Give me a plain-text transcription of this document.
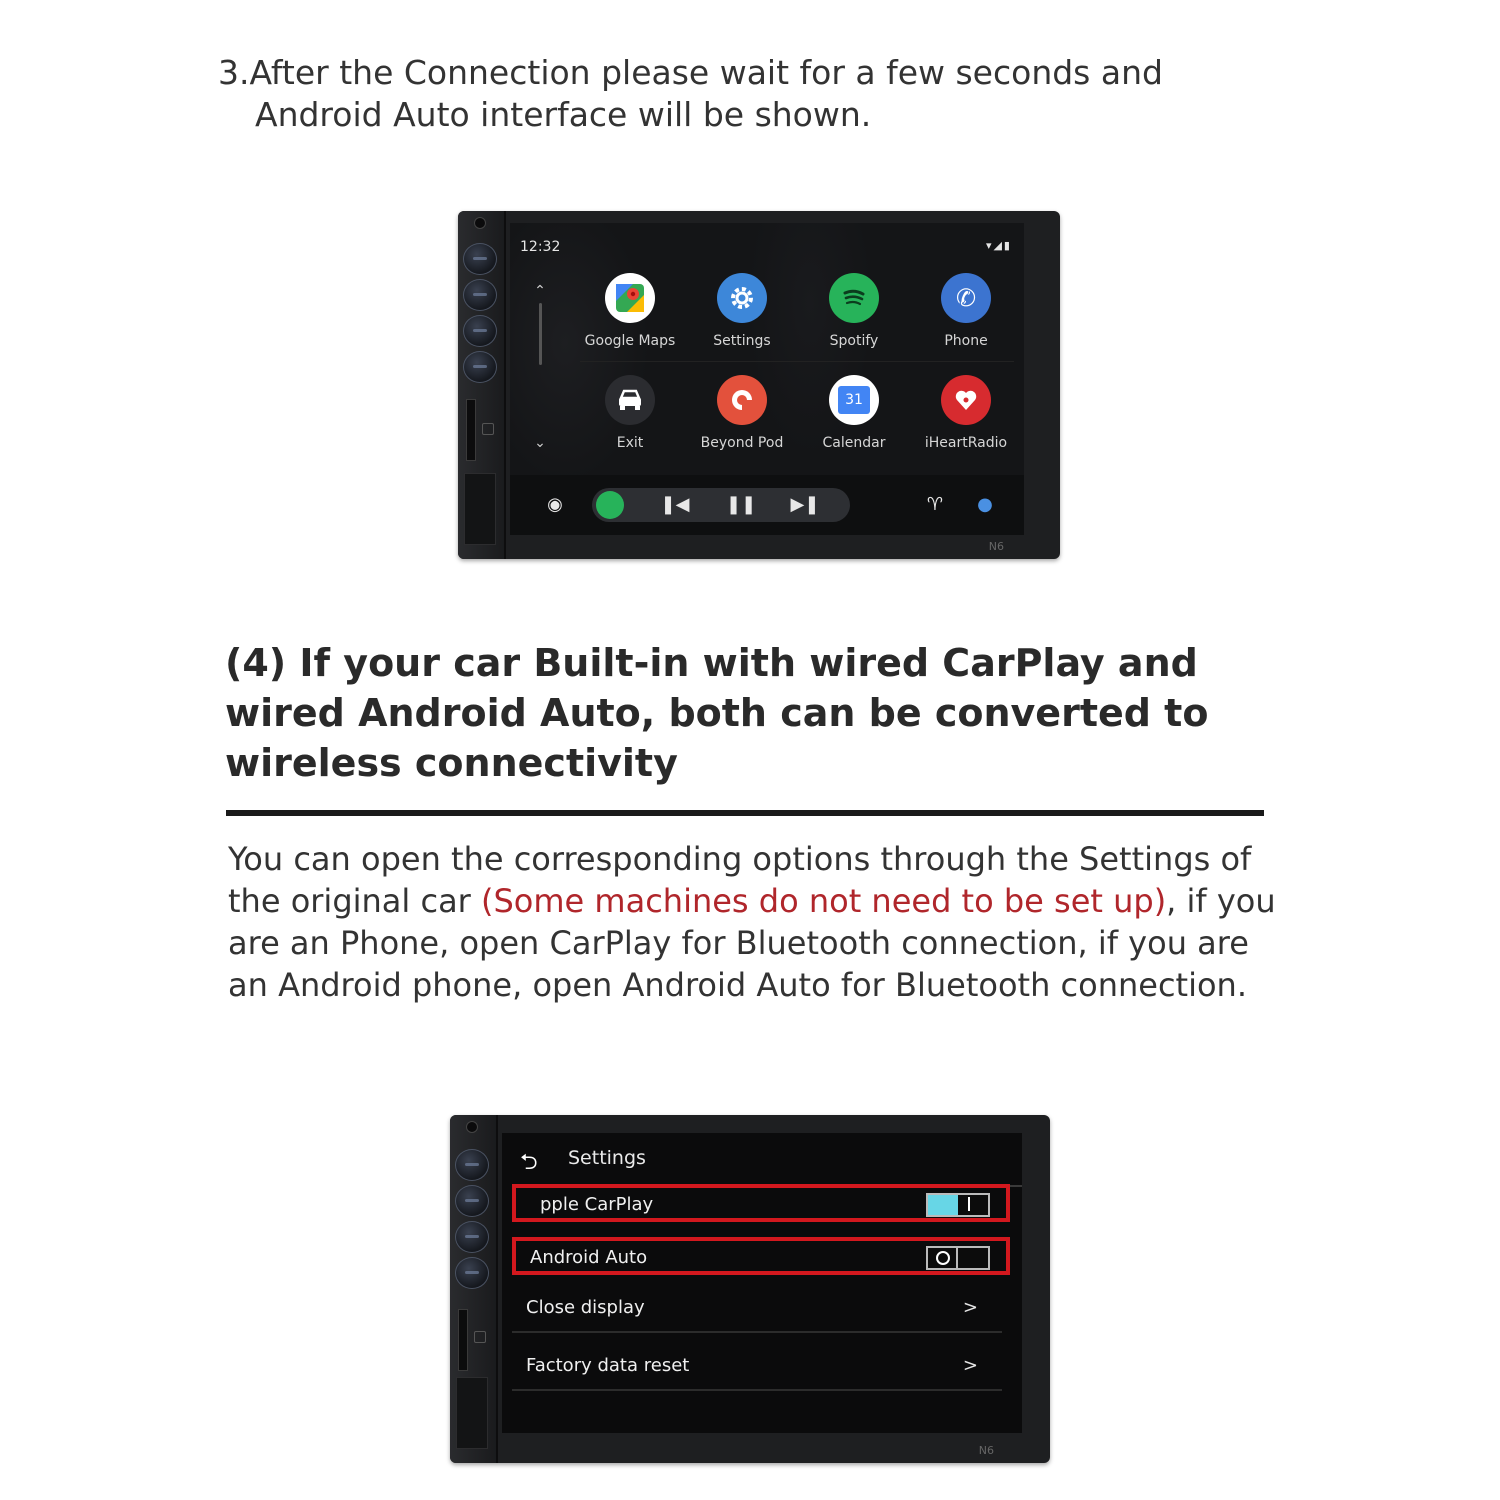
3.After the Connection please wait for a few seconds and
Android Auto interface will be shown.
12:32	▾◢▮
⌃
⌄
Google Maps	Settings	Spotify
✆
Phone
Exit	Beyond Pod
31
Calendar	iHeartRadio
◉	❚◀ ❚❚ ▶❚	♈	●
N6
(4) If your car Built-in with wired CarPlay and wired Android Auto, both can be converted to wireless connectivity
You can open the corresponding options through the Settings of the original car (Some machines do not need to be set up), if you are an Phone, open CarPlay for Bluetooth connection, if you are an Android phone, open Android Auto for Bluetooth connection.
⮌ Settings
pple CarPlay
Android Auto
Close display	>
Factory data reset	>
N6
